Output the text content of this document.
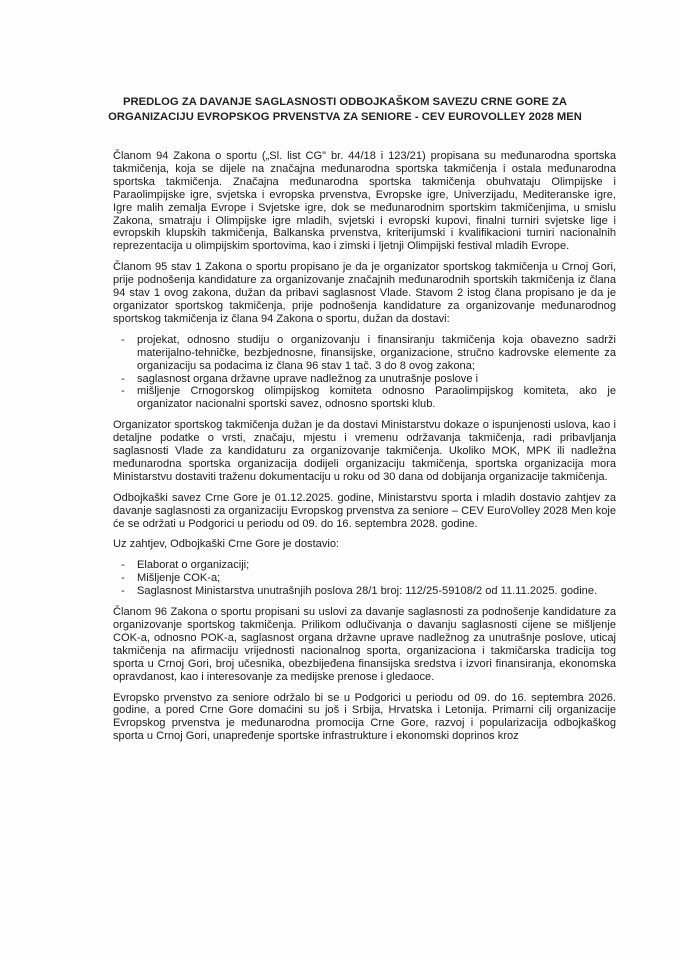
PREDLOG ZA DAVANJE SAGLASNOSTI ODBOJKAŠKOM SAVEZU CRNE GORE ZA
ORGANIZACIJU EVROPSKOG PRVENSTVA ZA SENIORE - CEV EUROVOLLEY 2028 MEN

Članom 94 Zakona o sportu („Sl. list CG" br. 44/18 i 123/21) propisana su međunarodna sportska takmičenja, koja se dijele na značajna međunarodna sportska takmičenja i ostala međunarodna sportska takmičenja. Značajna međunarodna sportska takmičenja obuhvataju Olimpijske i Paraolimpijske igre, svjetska i evropska prvenstva, Evropske igre, Univerzijadu, Mediteranske igre, Igre malih zemalja Evrope i Svjetske igre, dok se međunarodnim sportskim takmičenjima, u smislu Zakona, smatraju i Olimpijske igre mladih, svjetski i evropski kupovi, finalni turniri svjetske lige i evropskih klupskih takmičenja, Balkanska prvenstva, kriterijumski i kvalifikacioni turniri nacionalnih reprezentacija u olimpijskim sportovima, kao i zimski i ljetnji Olimpijski festival mladih Evrope.

Članom 95 stav 1 Zakona o sportu propisano je da je organizator sportskog takmičenja u Crnoj Gori, prije podnošenja kandidature za organizovanje značajnih međunarodnih sportskih takmičenja iz člana 94 stav 1 ovog zakona, dužan da pribavi saglasnost Vlade. Stavom 2 istog člana propisano je da je organizator sportskog takmičenja, prije podnošenja kandidature za organizovanje međunarodnog sportskog takmičenja iz člana 94 Zakona o sportu, dužan da dostavi:

- projekat, odnosno studiju o organizovanju i finansiranju takmičenja koja obavezno sadrži materijalno-tehničke, bezbjednosne, finansijske, organizacione, stručno kadrovske elemente za organizaciju sa podacima iz člana 96 stav 1 tač. 3 do 8 ovog zakona;
- saglasnost organa državne uprave nadležnog za unutrašnje poslove i
- mišljenje Crnogorskog olimpijskog komiteta odnosno Paraolimpijskog komiteta, ako je organizator nacionalni sportski savez, odnosno sportski klub.

Organizator sportskog takmičenja dužan je da dostavi Ministarstvu dokaze o ispunjenosti uslova, kao i detaljne podatke o vrsti, značaju, mjestu i vremenu održavanja takmičenja, radi pribavljanja saglasnosti Vlade za kandidaturu za organizovanje takmičenja. Ukoliko MOK, MPK ili nadležna međunarodna sportska organizacija dodijeli organizaciju takmičenja, sportska organizacija mora Ministarstvu dostaviti traženu dokumentaciju u roku od 30 dana od dobijanja organizacije takmičenja.

Odbojkaški savez Crne Gore je 01.12.2025. godine, Ministarstvu sporta i mladih dostavio zahtjev za davanje saglasnosti za organizaciju Evropskog prvenstva za seniore – CEV EuroVolley 2028 Men koje će se održati u Podgorici u periodu od 09. do 16. septembra 2028. godine.

Uz zahtjev, Odbojkaški Crne Gore je dostavio:

- Elaborat o organizaciji;
- Mišljenje COK-a;
- Saglasnost Ministarstva unutrašnjih poslova 28/1 broj: 112/25-59108/2 od 11.11.2025. godine.

Članom 96 Zakona o sportu propisani su uslovi za davanje saglasnosti za podnošenje kandidature za organizovanje sportskog takmičenja. Prilikom odlučivanja o davanju saglasnosti cijene se mišljenje COK-a, odnosno POK-a, saglasnost organa državne uprave nadležnog za unutrašnje poslove, uticaj takmičenja na afirmaciju vrijednosti nacionalnog sporta, organizaciona i takmičarska tradicija tog sporta u Crnoj Gori, broj učesnika, obezbijeđena finansijska sredstva i izvori finansiranja, ekonomska opravdanost, kao i interesovanje za medijske prenose i gledaoce.

Evropsko prvenstvo za seniore održalo bi se u Podgorici u periodu od 09. do 16. septembra 2026. godine, a pored Crne Gore domaćini su još i Srbija, Hrvatska i Letonija. Primarni cilj organizacije Evropskog prvenstva je međunarodna promocija Crne Gore, razvoj i popularizacija odbojkaškog sporta u Crnoj Gori, unapređenje sportske infrastrukture i ekonomski doprinos kroz
